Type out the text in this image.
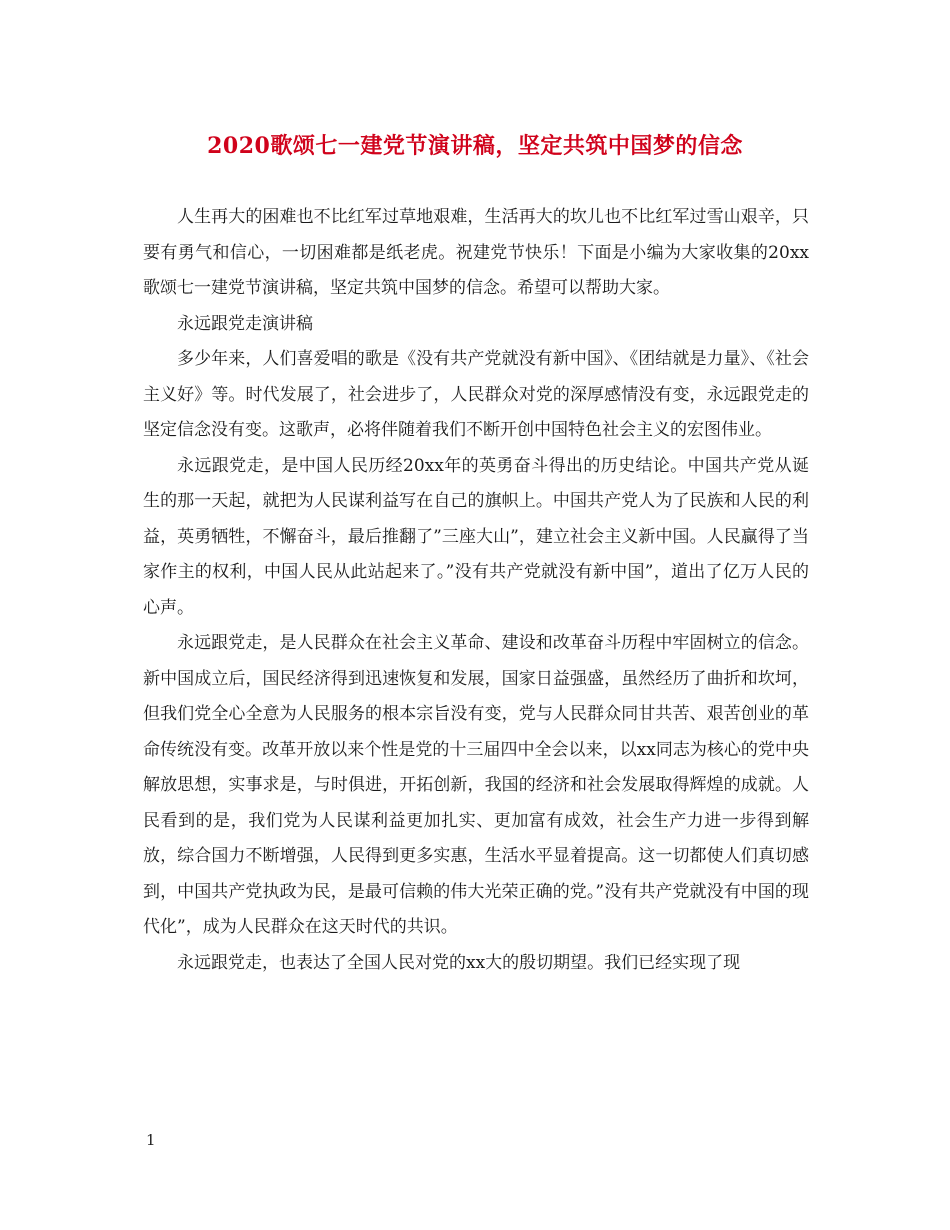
2020歌颂七一建党节演讲稿，坚定共筑中国梦的信念

人生再大的困难也不比红军过草地艰难，生活再大的坎儿也不比红军过雪山艰辛，只要有勇气和信心，一切困难都是纸老虎。祝建党节快乐！下面是小编为大家收集的20xx歌颂七一建党节演讲稿，坚定共筑中国梦的信念。希望可以帮助大家。

永远跟党走演讲稿

多少年来，人们喜爱唱的歌是《没有共产党就没有新中国》、《团结就是力量》、《社会主义好》等。时代发展了，社会进步了，人民群众对党的深厚感情没有变，永远跟党走的坚定信念没有变。这歌声，必将伴随着我们不断开创中国特色社会主义的宏图伟业。

永远跟党走，是中国人民历经20xx年的英勇奋斗得出的历史结论。中国共产党从诞生的那一天起，就把为人民谋利益写在自己的旗帜上。中国共产党人为了民族和人民的利益，英勇牺牲，不懈奋斗，最后推翻了”三座大山”，建立社会主义新中国。人民赢得了当家作主的权利，中国人民从此站起来了。”没有共产党就没有新中国”，道出了亿万人民的心声。

永远跟党走，是人民群众在社会主义革命、建设和改革奋斗历程中牢固树立的信念。新中国成立后，国民经济得到迅速恢复和发展，国家日益强盛，虽然经历了曲折和坎坷，但我们党全心全意为人民服务的根本宗旨没有变，党与人民群众同甘共苦、艰苦创业的革命传统没有变。改革开放以来个性是党的十三届四中全会以来，以xx同志为核心的党中央解放思想，实事求是，与时俱进，开拓创新，我国的经济和社会发展取得辉煌的成就。人民看到的是，我们党为人民谋利益更加扎实、更加富有成效，社会生产力进一步得到解放，综合国力不断增强，人民得到更多实惠，生活水平显着提高。这一切都使人们真切感到，中国共产党执政为民，是最可信赖的伟大光荣正确的党。”没有共产党就没有中国的现代化”，成为人民群众在这天时代的共识。

永远跟党走，也表达了全国人民对党的xx大的殷切期望。我们已经实现了现

1
